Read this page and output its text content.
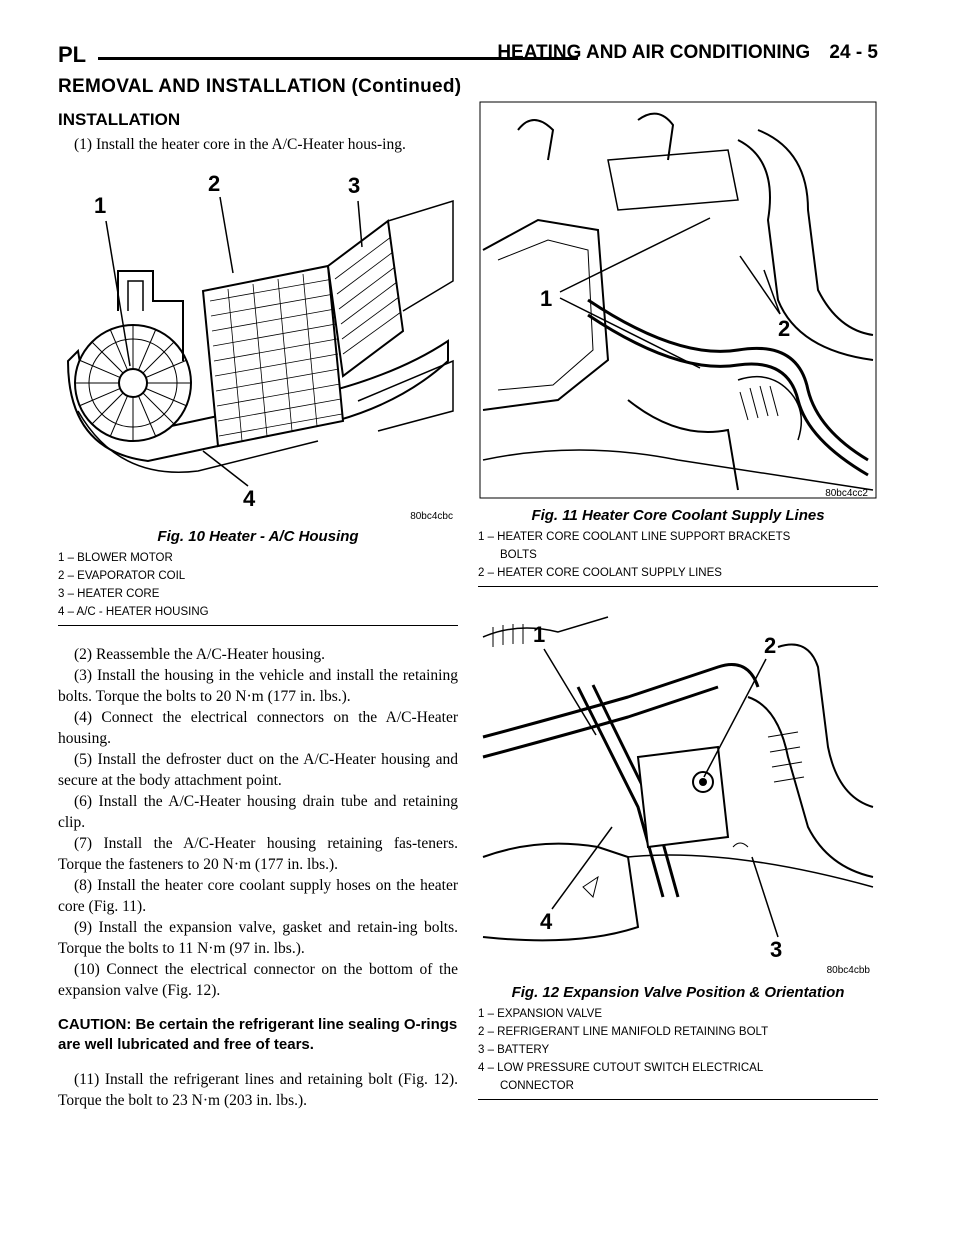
PL	HEATING AND AIR CONDITIONING 24 - 5
REMOVAL AND INSTALLATION (Continued)
INSTALLATION

(1) Install the heater core in the A/C-Heater hous-ing.

1
2	3
4
80bc4cbc
Fig. 10 Heater - A/C Housing
1 – BLOWER MOTOR
2 – EVAPORATOR COIL
3 – HEATER CORE
4 – A/C - HEATER HOUSING

(2) Reassemble the A/C-Heater housing.

(3) Install the housing in the vehicle and install the retaining bolts. Torque the bolts to 20 N·m (177 in. lbs.).

(4) Connect the electrical connectors on the A/C-Heater housing.

(5) Install the defroster duct on the A/C-Heater housing and secure at the body attachment point.

(6) Install the A/C-Heater housing drain tube and retaining clip.

(7) Install the A/C-Heater housing retaining fas-teners. Torque the fasteners to 20 N·m (177 in. lbs.).

(8) Install the heater core coolant supply hoses on the heater core (Fig. 11).

(9) Install the expansion valve, gasket and retain-ing bolts. Torque the bolts to 11 N·m (97 in. lbs.).

(10) Connect the electrical connector on the bottom of the expansion valve (Fig. 12).

CAUTION: Be certain the refrigerant line sealing O-rings are well lubricated and free of tears.

(11) Install the refrigerant lines and retaining bolt (Fig. 12). Torque the bolt to 23 N·m (203 in. lbs.).

1
2
80bc4cc2
Fig. 11 Heater Core Coolant Supply Lines
1 – HEATER CORE COOLANT LINE SUPPORT BRACKETS
BOLTS
2 – HEATER CORE COOLANT SUPPLY LINES
1	2
3
4
80bc4cbb
Fig. 12 Expansion Valve Position & Orientation
1 – EXPANSION VALVE
2 – REFRIGERANT LINE MANIFOLD RETAINING BOLT
3 – BATTERY
4 – LOW PRESSURE CUTOUT SWITCH ELECTRICAL
CONNECTOR
